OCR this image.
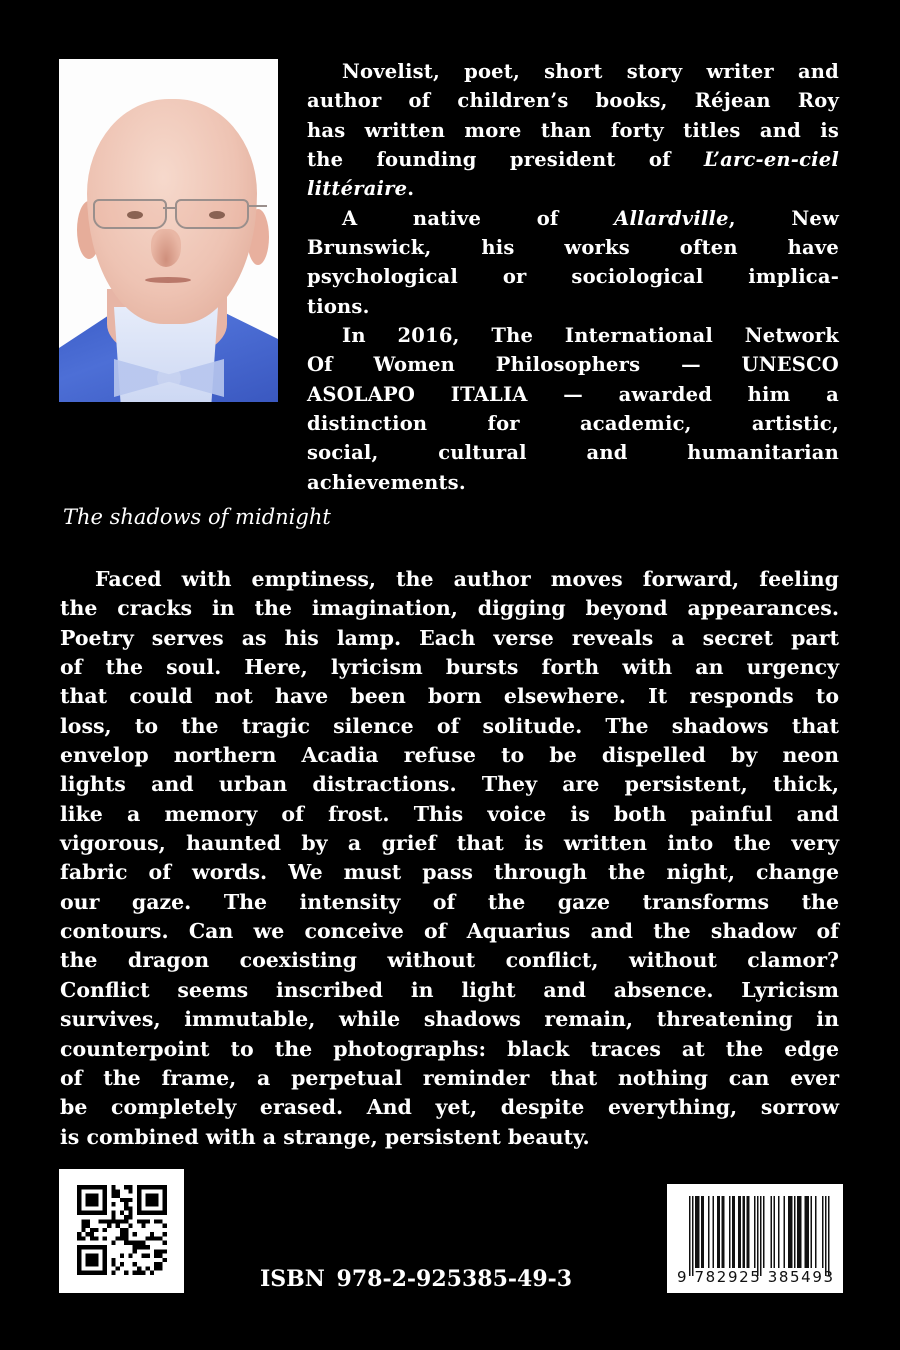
Novelist, poet, short story writer and
author of children’s books, Réjean Roy
has written more than forty titles and is
the founding president of L’arc-en-ciel
littéraire.
A native of Allardville, New
Brunswick, his works often have
psychological or sociological implica-
tions.
In 2016, The International Network
Of Women Philosophers — UNESCO
ASOLAPO ITALIA — awarded him a
distinction for academic, artistic,
social, cultural and humanitarian
achievements.
The shadows of midnight
Faced with emptiness, the author moves forward, feeling
the cracks in the imagination, digging beyond appearances.
Poetry serves as his lamp. Each verse reveals a secret part
of the soul. Here, lyricism bursts forth with an urgency
that could not have been born elsewhere. It responds to
loss, to the tragic silence of solitude. The shadows that
envelop northern Acadia refuse to be dispelled by neon
lights and urban distractions. They are persistent, thick,
like a memory of frost. This voice is both painful and
vigorous, haunted by a grief that is written into the very
fabric of words. We must pass through the night, change
our gaze. The intensity of the gaze transforms the
contours. Can we conceive of Aquarius and the shadow of
the dragon coexisting without conflict, without clamor?
Conflict seems inscribed in light and absence. Lyricism
survives, immutable, while shadows remain, threatening in
counterpoint to the photographs: black traces at the edge
of the frame, a perpetual reminder that nothing can ever
be completely erased. And yet, despite everything, sorrow
is combined with a strange, persistent beauty.
ISBN 978-2-925385-49-3	9 782925 385493
